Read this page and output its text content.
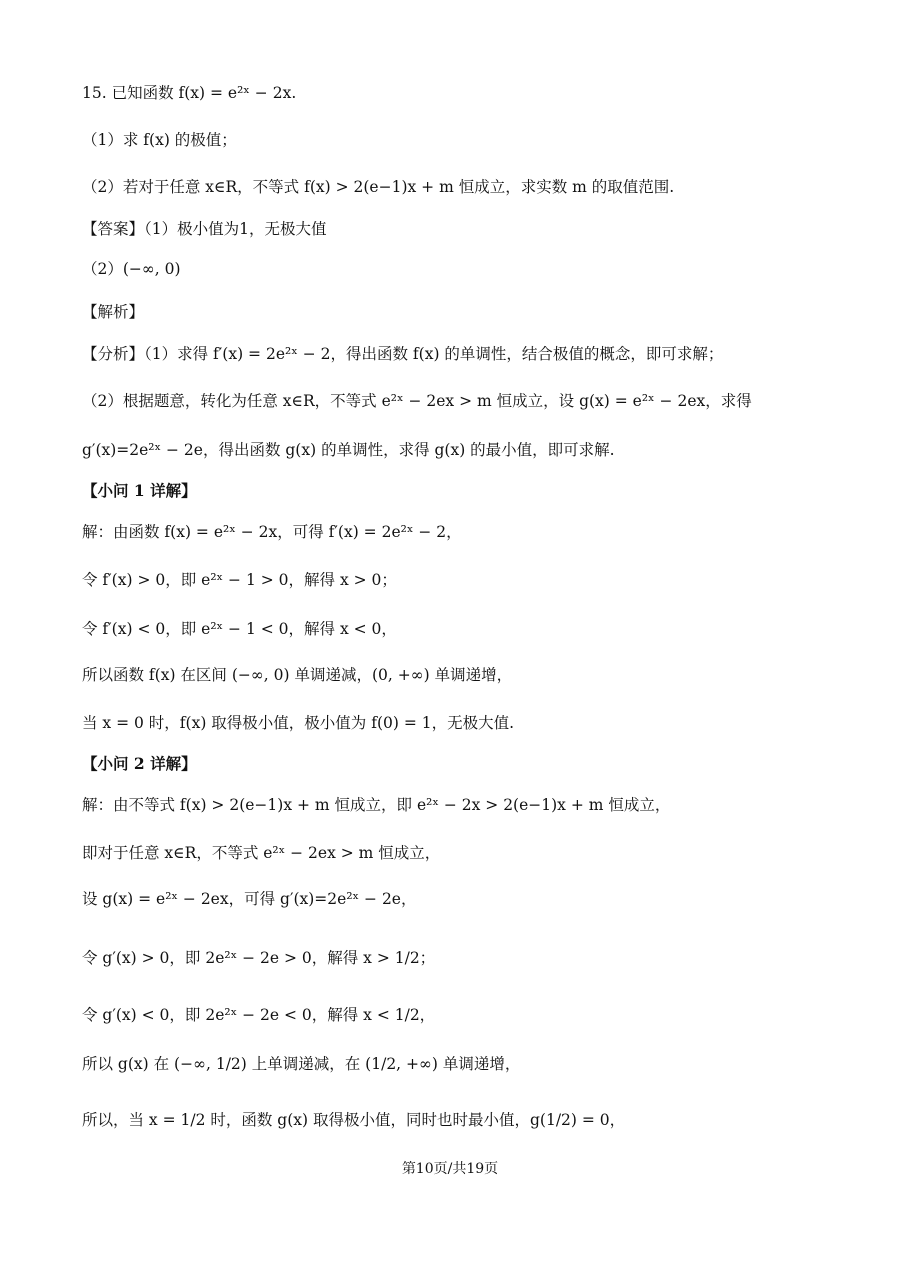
15. 已知函数 f(x) = e²ˣ − 2x.
（1）求 f(x) 的极值；
（2）若对于任意 x∈R，不等式 f(x) > 2(e−1)x + m 恒成立，求实数 m 的取值范围.
【答案】（1）极小值为1，无极大值
（2）(−∞, 0)
【解析】
【分析】（1）求得 f′(x) = 2e²ˣ − 2，得出函数 f(x) 的单调性，结合极值的概念，即可求解；
（2）根据题意，转化为任意 x∈R，不等式 e²ˣ − 2ex > m 恒成立，设 g(x) = e²ˣ − 2ex，求得
g′(x)=2e²ˣ − 2e，得出函数 g(x) 的单调性，求得 g(x) 的最小值，即可求解.
【小问 1 详解】
解：由函数 f(x) = e²ˣ − 2x，可得 f′(x) = 2e²ˣ − 2，
令 f′(x) > 0，即 e²ˣ − 1 > 0，解得 x > 0；
令 f′(x) < 0，即 e²ˣ − 1 < 0，解得 x < 0，
所以函数 f(x) 在区间 (−∞, 0) 单调递减，(0, +∞) 单调递增，
当 x = 0 时，f(x) 取得极小值，极小值为 f(0) = 1，无极大值.
【小问 2 详解】
解：由不等式 f(x) > 2(e−1)x + m 恒成立，即 e²ˣ − 2x > 2(e−1)x + m 恒成立，
即对于任意 x∈R，不等式 e²ˣ − 2ex > m 恒成立，
设 g(x) = e²ˣ − 2ex，可得 g′(x)=2e²ˣ − 2e，
令 g′(x) > 0，即 2e²ˣ − 2e > 0，解得 x > 1/2；
令 g′(x) < 0，即 2e²ˣ − 2e < 0，解得 x < 1/2，
所以 g(x) 在 (−∞, 1/2) 上单调递减，在 (1/2, +∞) 单调递增，
所以，当 x = 1/2 时，函数 g(x) 取得极小值，同时也时最小值，g(1/2) = 0，
第10页/共19页
